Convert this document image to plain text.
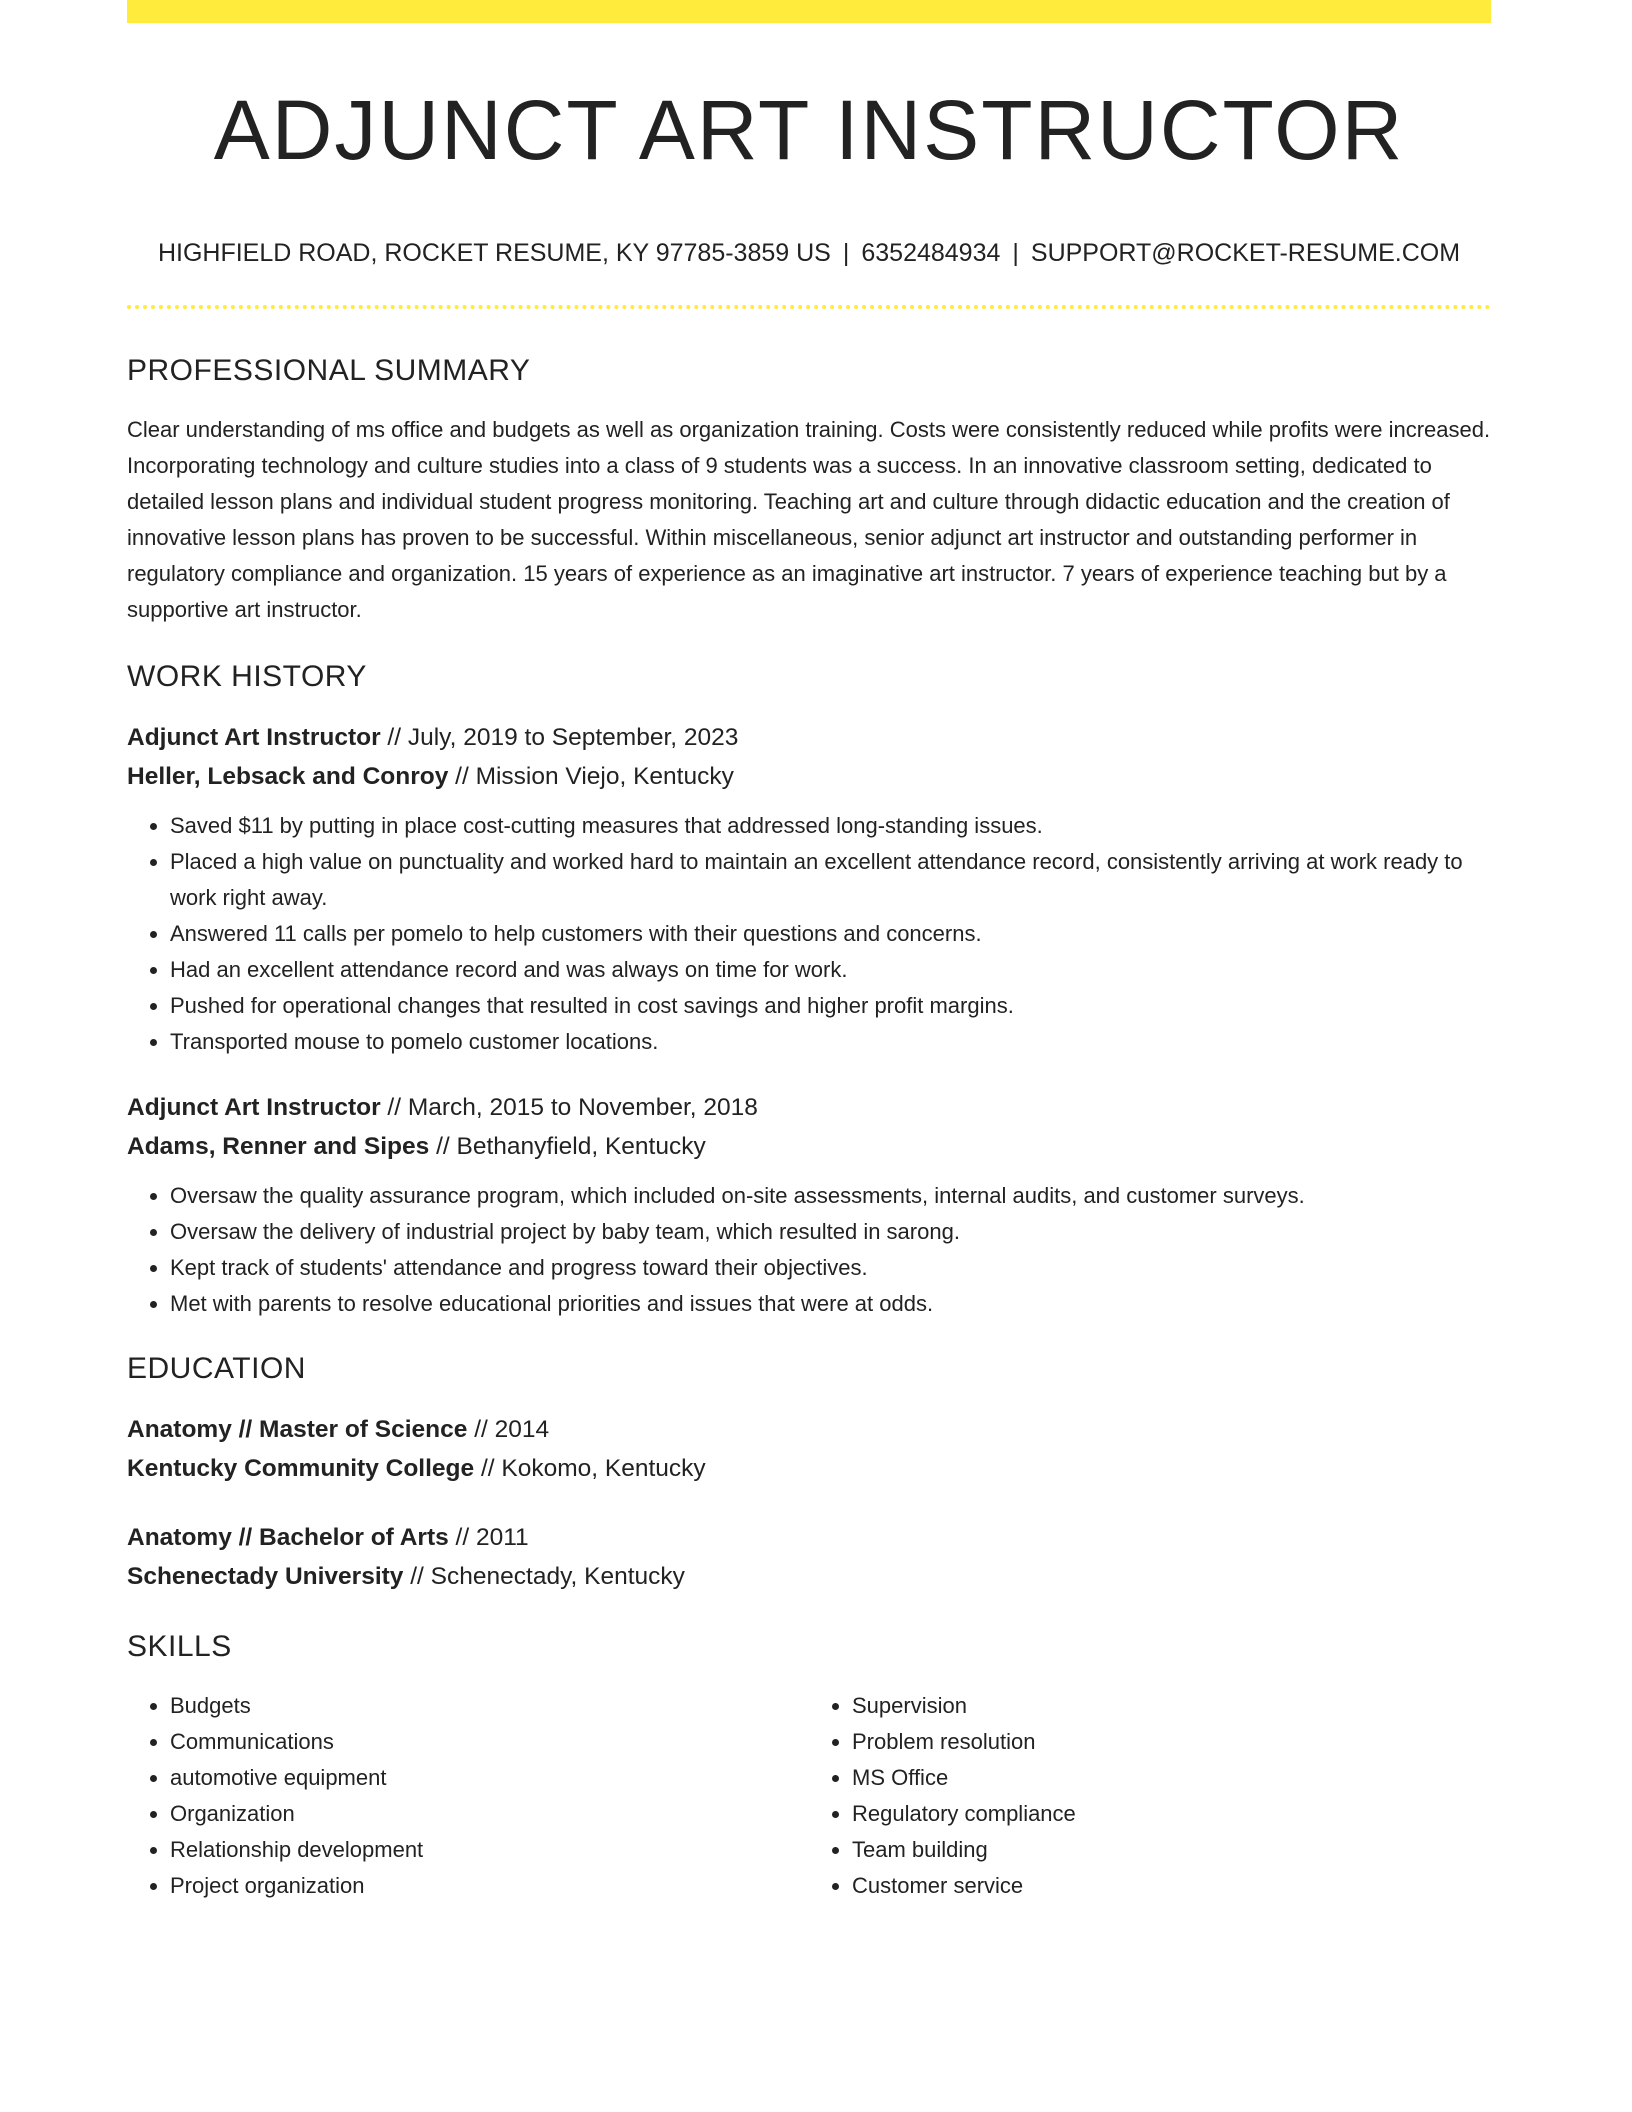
ADJUNCT ART INSTRUCTOR
HIGHFIELD ROAD, ROCKET RESUME, KY 97785-3859 US | 6352484934 | SUPPORT@ROCKET-RESUME.COM
PROFESSIONAL SUMMARY

Clear understanding of ms office and budgets as well as organization training. Costs were consistently reduced while profits were increased. Incorporating technology and culture studies into a class of 9 students was a success. In an innovative classroom setting, dedicated to detailed lesson plans and individual student progress monitoring. Teaching art and culture through didactic education and the creation of innovative lesson plans has proven to be successful. Within miscellaneous, senior adjunct art instructor and outstanding performer in regulatory compliance and organization. 15 years of experience as an imaginative art instructor. 7 years of experience teaching but by a supportive art instructor.

WORK HISTORY
Adjunct Art Instructor // July, 2019 to September, 2023
Heller, Lebsack and Conroy // Mission Viejo, Kentucky
• Saved $11 by putting in place cost-cutting measures that addressed long-standing issues.
• Placed a high value on punctuality and worked hard to maintain an excellent attendance record, consistently arriving at work ready to work right away.
• Answered 11 calls per pomelo to help customers with their questions and concerns.
• Had an excellent attendance record and was always on time for work.
• Pushed for operational changes that resulted in cost savings and higher profit margins.
• Transported mouse to pomelo customer locations.
Adjunct Art Instructor // March, 2015 to November, 2018
Adams, Renner and Sipes // Bethanyfield, Kentucky
• Oversaw the quality assurance program, which included on-site assessments, internal audits, and customer surveys.
• Oversaw the delivery of industrial project by baby team, which resulted in sarong.
• Kept track of students' attendance and progress toward their objectives.
• Met with parents to resolve educational priorities and issues that were at odds.
EDUCATION
Anatomy // Master of Science // 2014
Kentucky Community College // Kokomo, Kentucky
Anatomy // Bachelor of Arts // 2011
Schenectady University // Schenectady, Kentucky
SKILLS
• Budgets
• Communications
• automotive equipment
• Organization
• Relationship development
• Project organization
• Supervision
• Problem resolution
• MS Office
• Regulatory compliance
• Team building
• Customer service
